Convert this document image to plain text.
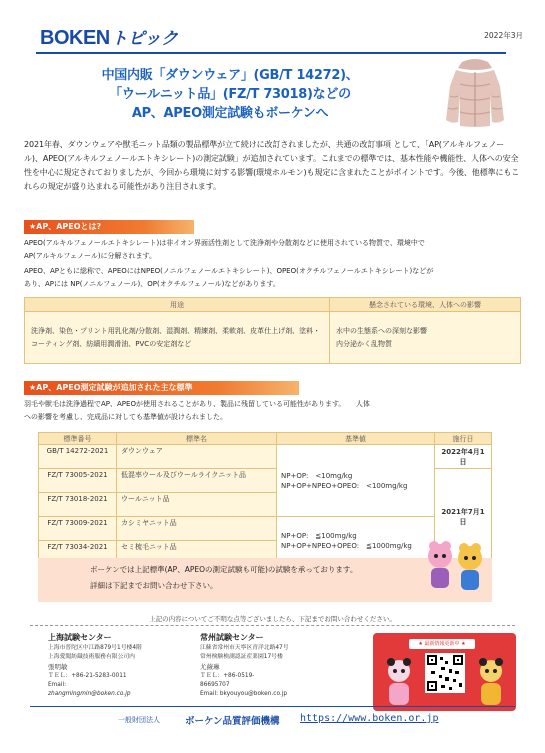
2022年3月
BOKEN トピック
中国内販「ダウンウェア」(GB/T 14272)、
「ウールニット品」(FZ/T 73018)などの
AP、APEO測定試験もボーケンへ
2021年春、ダウンウェアや獣毛ニット品類の製品標準が立て続けに改訂されましたが、共通の改訂事項 として、「AP(アルキルフェノール)、APEO(アルキルフェノールエトキシレート)の測定試験」が追加されています。これまでの標準では、基本性能や機能性、人体への安全性を中心に規定されておりましたが、今回から環境に対する影響(環境ホルモン)も規定に含まれたことがポイントです。今後、他標準にもこれらの規定が盛り込まれる可能性があり注目されます。
★AP、APEOとは?
APEO(アルキルフェノールエトキシレート)は非イオン界面活性剤として洗浄剤や分散剤などに使用されている物質で、環境中で
AP(アルキルフェノール)に分解されます。
APEO、APともに総称で、APEOにはNPEO(ノニルフェノールエトキシレート)、OPEO(オクチルフェノールエトキシレート)などが
あり、APには NP(ノニルフェノール)、OP(オクチルフェノール)などがあります。
用途	懸念されている環境、人体への影響
洗浄剤、染色・プリント用乳化剤/分散剤、湿潤剤、精練剤、柔軟剤、皮革仕上げ剤、塗料・コーティング剤、紡績用潤滑油、PVCの安定剤など	水中の生態系への深刻な影響
内分泌かく乱物質
★AP、APEO測定試験が追加された主な標準
羽毛や獣毛は洗浄過程でAP、APEOが使用されることがあり、製品に残留している可能性があります。　　人体
への影響を考慮し、完成品に対しても基準値が設けられました。
標準番号	標準名	基準値	施行日
GB/T 14272-2021	ダウンウェア	NP+OP:　<10mg/kg
NP+OP+NPEO+OPEO:　<100mg/kg	2022年4月1日
FZ/T 73005-2021	低混率ウール及びウールライクニット品		2021年7月1日
FZ/T 73018-2021	ウールニット品		
FZ/T 73009-2021	カシミヤニット品	NP+OP:　≦100mg/kg
NP+OP+NPEO+OPEO:　≦1000mg/kg	

FZ/T 73034-2021	セミ梳毛ニット品		
ボーケンでは上記標準(AP、APEOの測定試験も可能)の試験を承っております。
詳細は下記までお問い合わせ下さい。
上記の内容についてご不明な点等ございましたら、下記までお問い合わせください。
上海試験センター
上海市普陀区中江路879号1号楼4階
上海愛聞紡織技術服務有限公司内
張明敏
ＴＥＬ：+86-21-5283-0011
Email:
zhangmingmin@boken.co.jp
常州試験センター
江蘇省常州市天寧区青洋北路47号
常州検験検測認証産業園17号楼
尤薇琳
ＴＥＬ：+86-0519-
86695707
Email: bkyouyou@boken.co.jp
★ 最新情報更新中 ★
一般財団法人	ボーケン品質評価機構 https://www.boken.or.jp
